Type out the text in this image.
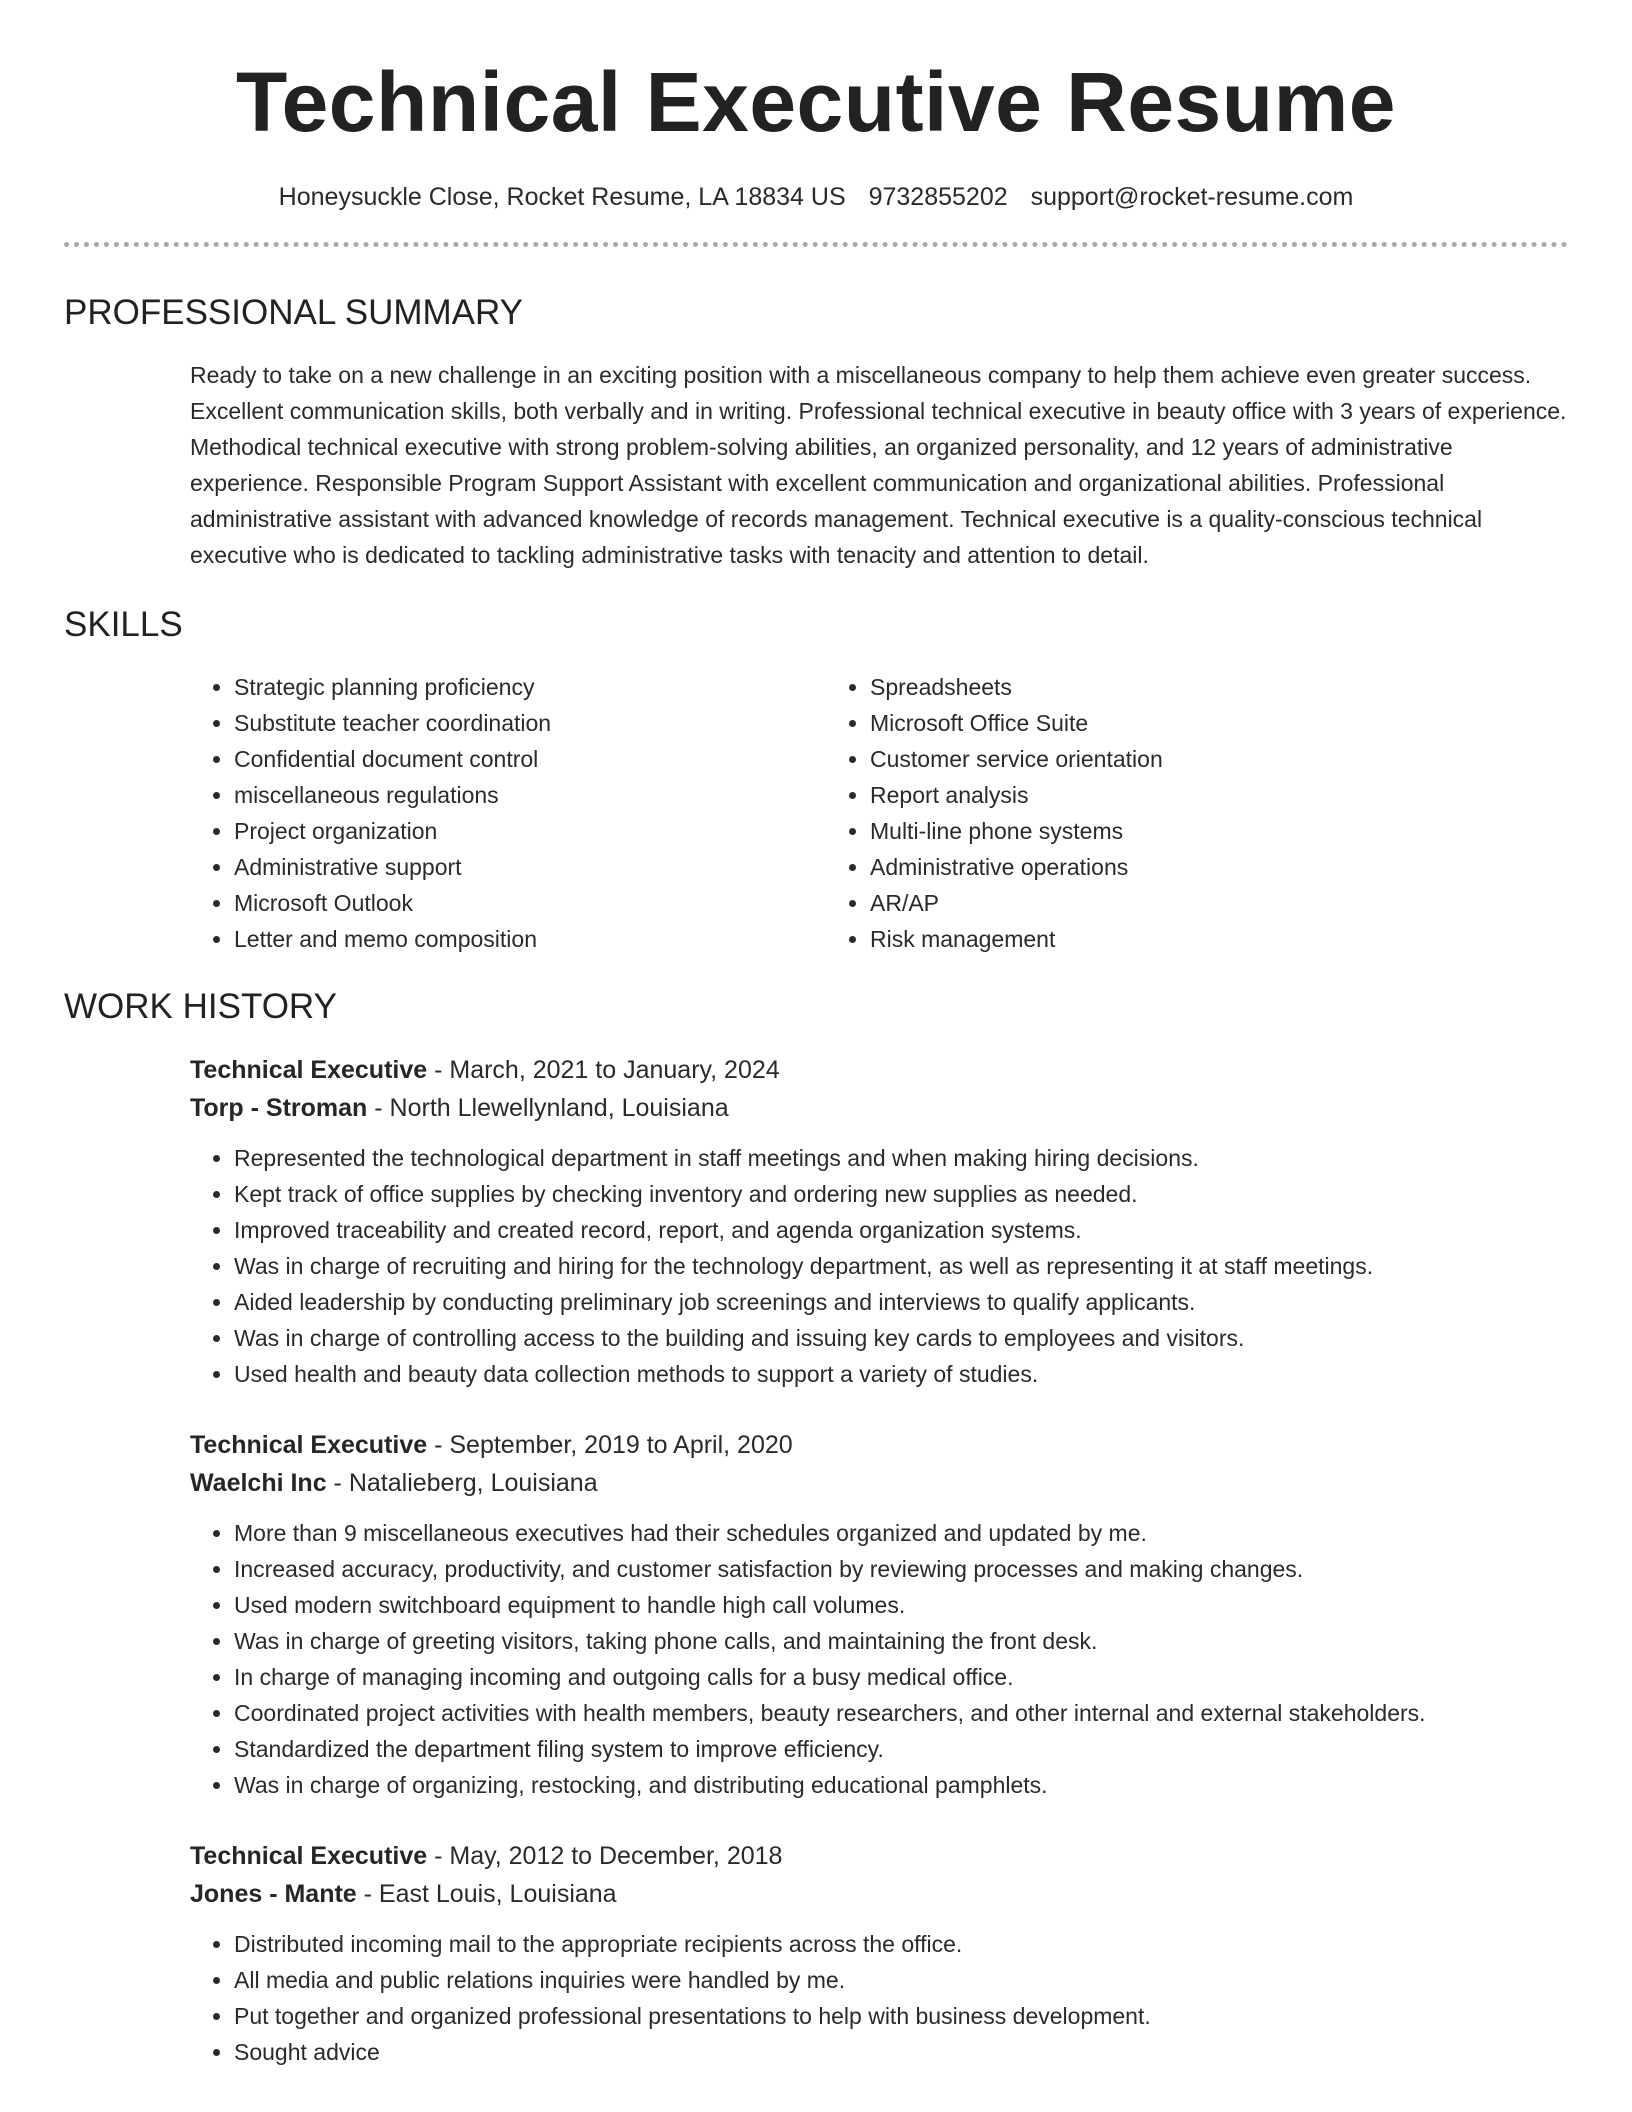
Technical Executive Resume
Honeysuckle Close, Rocket Resume, LA 18834 US 9732855202 support@rocket-resume.com
PROFESSIONAL SUMMARY

Ready to take on a new challenge in an exciting position with a miscellaneous company to help them achieve even greater success. Excellent communication skills, both verbally and in writing. Professional technical executive in beauty office with 3 years of experience. Methodical technical executive with strong problem-solving abilities, an organized personality, and 12 years of administrative experience. Responsible Program Support Assistant with excellent communication and organizational abilities. Professional administrative assistant with advanced knowledge of records management. Technical executive is a quality-conscious technical executive who is dedicated to tackling administrative tasks with tenacity and attention to detail.

SKILLS
• Strategic planning proficiency
• Substitute teacher coordination
• Confidential document control
• miscellaneous regulations
• Project organization
• Administrative support
• Microsoft Outlook
• Letter and memo composition
• Spreadsheets
• Microsoft Office Suite
• Customer service orientation
• Report analysis
• Multi-line phone systems
• Administrative operations
• AR/AP
• Risk management
WORK HISTORY
Technical Executive - March, 2021 to January, 2024
Torp - Stroman - North Llewellynland, Louisiana
• Represented the technological department in staff meetings and when making hiring decisions.
• Kept track of office supplies by checking inventory and ordering new supplies as needed.
• Improved traceability and created record, report, and agenda organization systems.
• Was in charge of recruiting and hiring for the technology department, as well as representing it at staff meetings.
• Aided leadership by conducting preliminary job screenings and interviews to qualify applicants.
• Was in charge of controlling access to the building and issuing key cards to employees and visitors.
• Used health and beauty data collection methods to support a variety of studies.
Technical Executive - September, 2019 to April, 2020
Waelchi Inc - Natalieberg, Louisiana
• More than 9 miscellaneous executives had their schedules organized and updated by me.
• Increased accuracy, productivity, and customer satisfaction by reviewing processes and making changes.
• Used modern switchboard equipment to handle high call volumes.
• Was in charge of greeting visitors, taking phone calls, and maintaining the front desk.
• In charge of managing incoming and outgoing calls for a busy medical office.
• Coordinated project activities with health members, beauty researchers, and other internal and external stakeholders.
• Standardized the department filing system to improve efficiency.
• Was in charge of organizing, restocking, and distributing educational pamphlets.
Technical Executive - May, 2012 to December, 2018
Jones - Mante - East Louis, Louisiana
• Distributed incoming mail to the appropriate recipients across the office.
• All media and public relations inquiries were handled by me.
• Put together and organized professional presentations to help with business development.
• Sought advice
